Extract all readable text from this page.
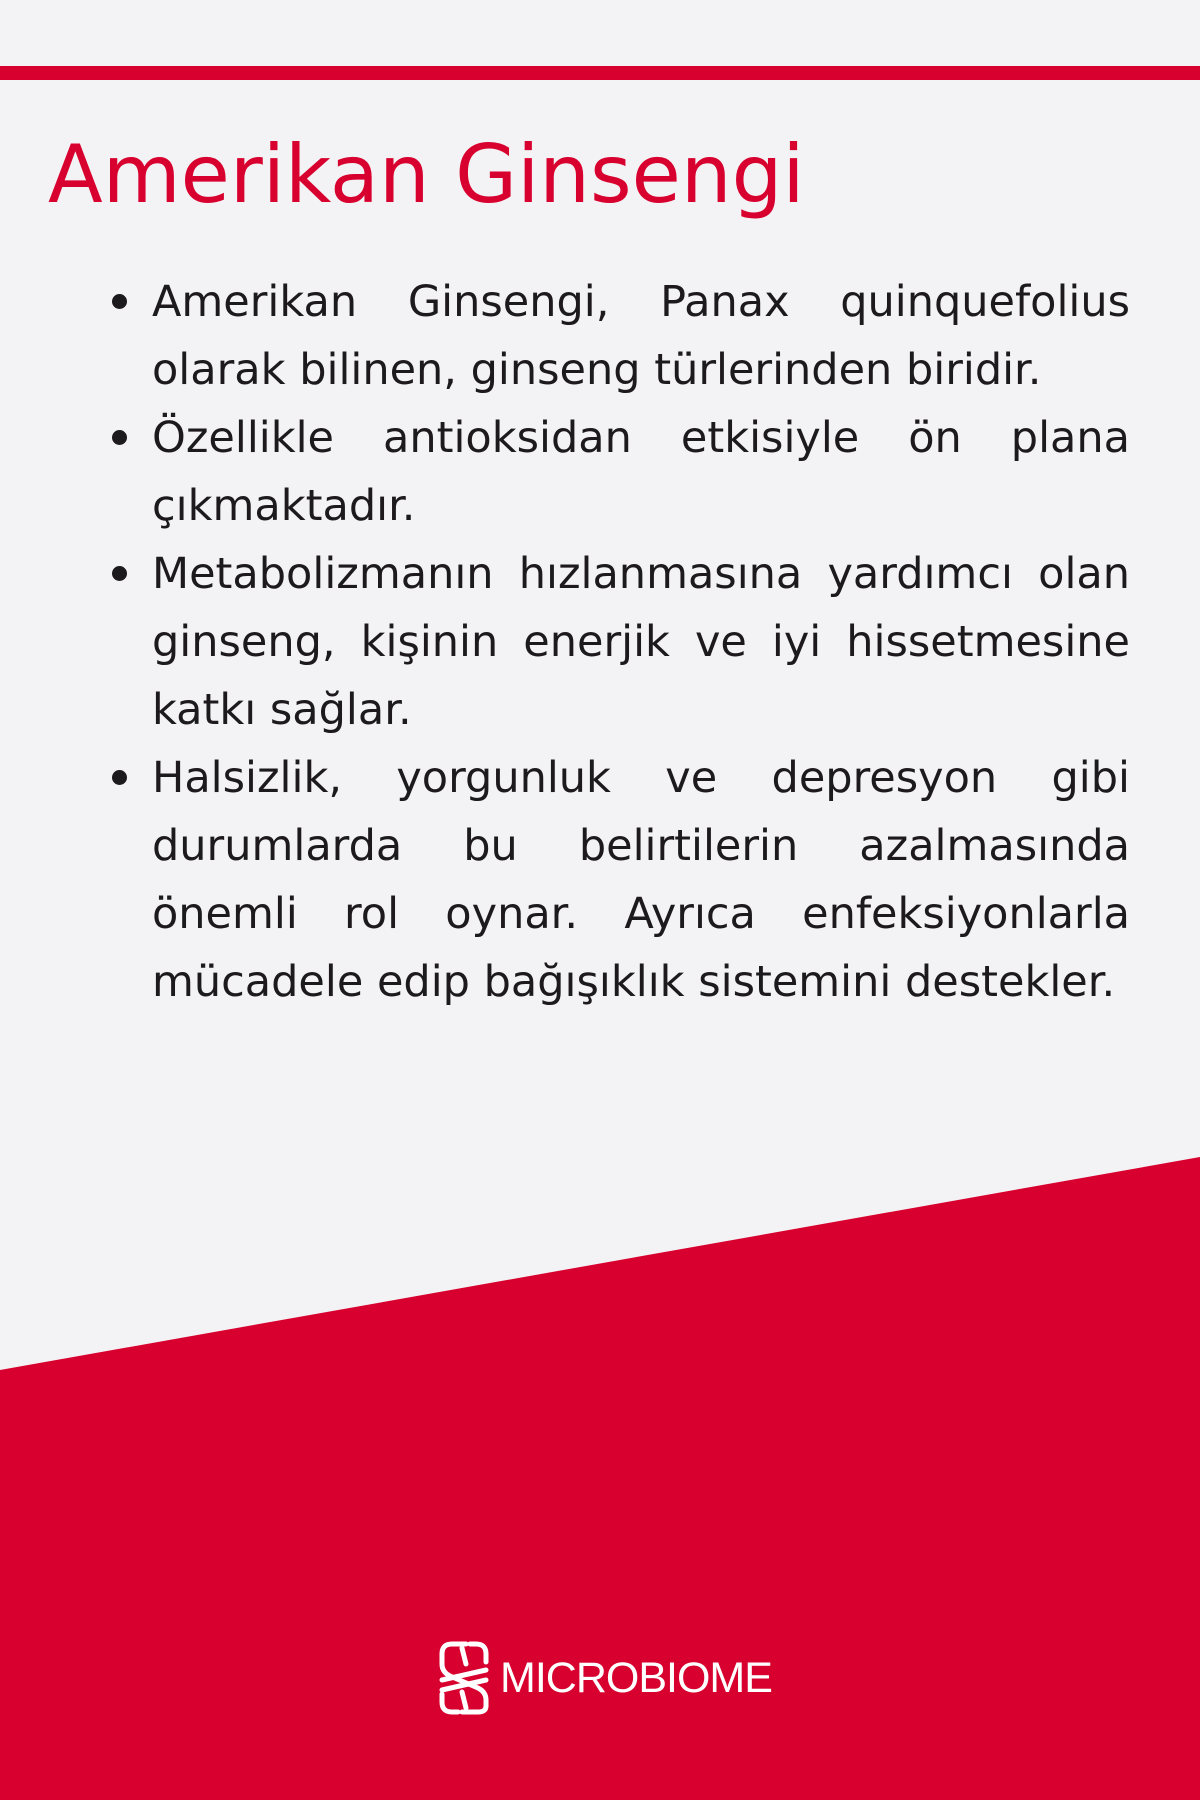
Amerikan Ginsengi
Amerikan Ginsengi, Panax quinquefolius olarak bilinen, ginseng türlerinden biridir.
Özellikle antioksidan etkisiyle ön plana çıkmaktadır.
Metabolizmanın hızlanmasına yardımcı olan ginseng, kişinin enerjik ve iyi hissetmesine katkı sağlar.
Halsizlik, yorgunluk ve depresyon gibi durumlarda bu belirtilerin azalmasında önemli rol oynar. Ayrıca enfeksiyonlarla mücadele edip bağışıklık sistemini destekler.
MICROBIOME
